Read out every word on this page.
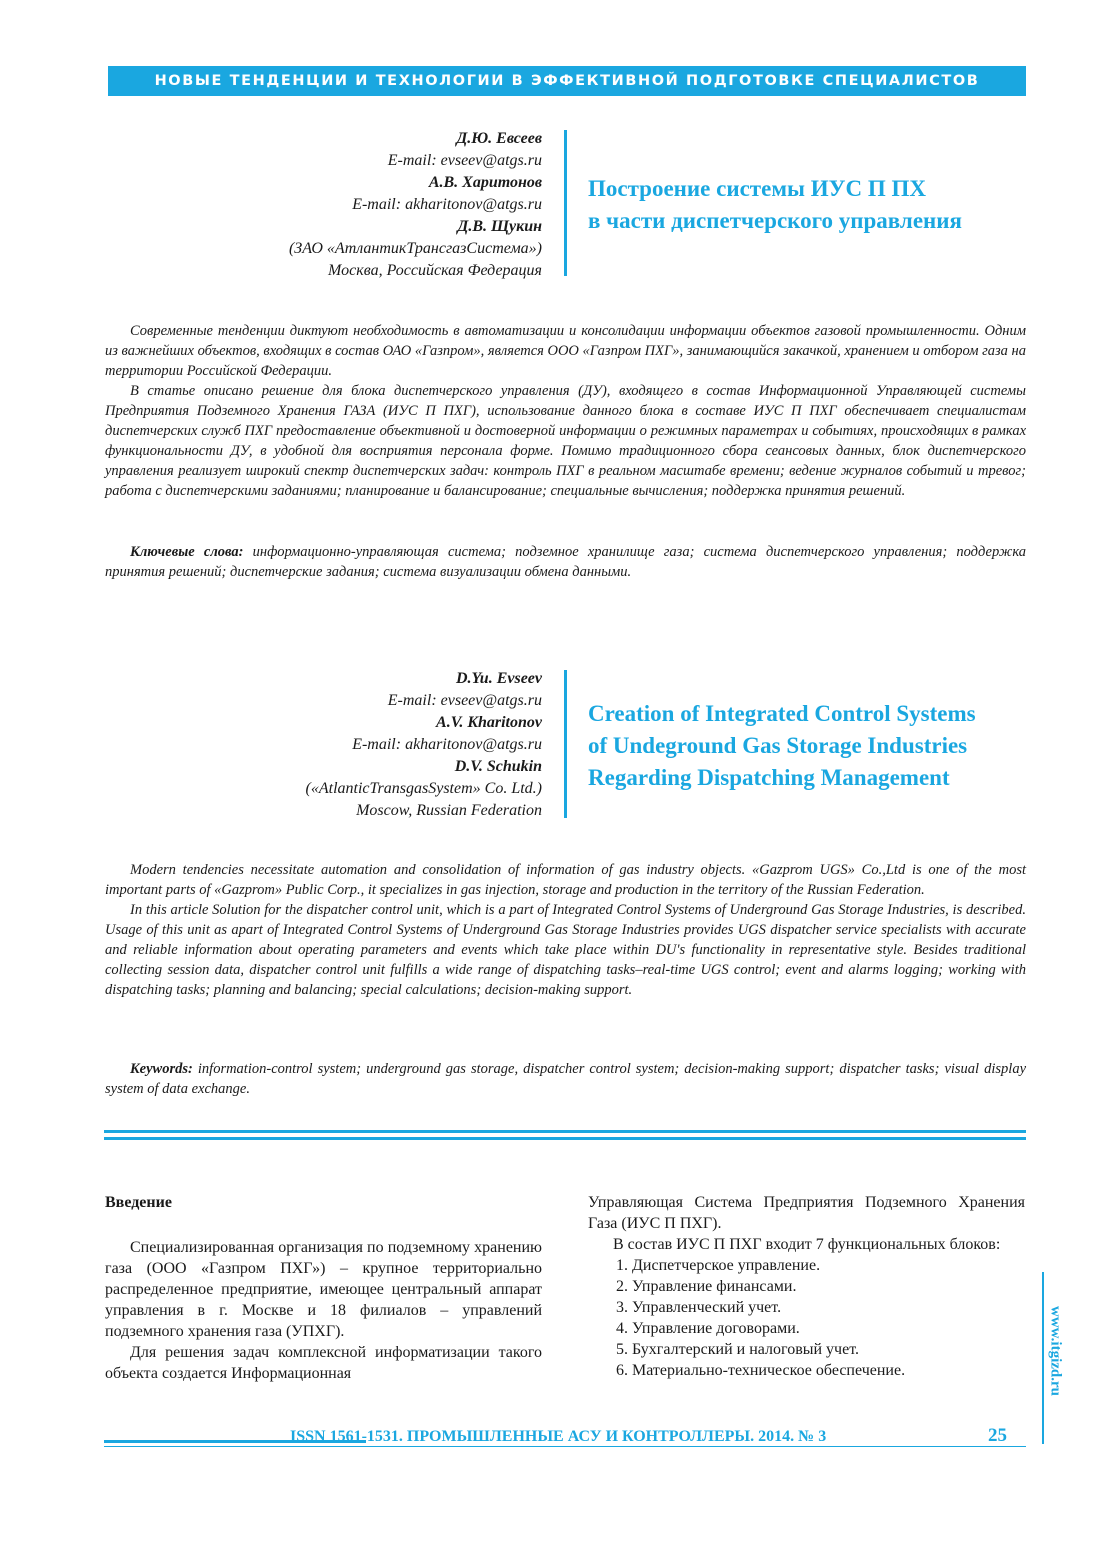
НОВЫЕ ТЕНДЕНЦИИ И ТЕХНОЛОГИИ В ЭФФЕКТИВНОЙ ПОДГОТОВКЕ СПЕЦИАЛИСТОВ
Д.Ю. Евсеев
E-mail: evseev@atgs.ru
А.В. Харитонов
E-mail: akharitonov@atgs.ru
Д.В. Щукин
(ЗАО «АтлантикТрансгазСистема»)
Москва, Российская Федерация
Построение системы ИУС П ПХ
в части диспетчерского управления

Современные тенденции диктуют необходимость в автоматизации и консолидации информации объектов газовой промышленности. Одним из важнейших объектов, входящих в состав ОАО «Газпром», является ООО «Газпром ПХГ», занимающийся закачкой, хранением и отбором газа на территории Российской Федерации.

В статье описано решение для блока диспетчерского управления (ДУ), входящего в состав Информационной Управляющей системы Предприятия Подземного Хранения ГАЗА (ИУС П ПХГ), использование данного блока в составе ИУС П ПХГ обеспечивает специалистам диспетчерских служб ПХГ предоставление объективной и достоверной информации о режимных параметрах и событиях, происходящих в рамках функциональности ДУ, в удобной для восприятия персонала форме. Помимо традиционного сбора сеансовых данных, блок диспетчерского управления реализует широкий спектр диспетчерских задач: контроль ПХГ в реальном масштабе времени; ведение журналов событий и тревог; работа с диспетчерскими заданиями; планирование и балансирование; специальные вычисления; поддержка принятия решений.

Ключевые слова: информационно-управляющая система; подземное хранилище газа; система диспетчерского управления; поддержка принятия решений; диспетчерские задания; система визуализации обмена данными.
D.Yu. Evseev
E-mail: evseev@atgs.ru
A.V. Kharitonov
E-mail: akharitonov@atgs.ru
D.V. Schukin
(«AtlanticTransgasSystem» Co. Ltd.)
Moscow, Russian Federation
Creation of Integrated Control Systems
of Undeground Gas Storage Industries
Regarding Dispatching Management

Modern tendencies necessitate automation and consolidation of information of gas industry objects. «Gazprom UGS» Co.,Ltd is one of the most important parts of «Gazprom» Public Corp., it specializes in gas injection, storage and production in the territory of the Russian Federation.

In this article Solution for the dispatcher control unit, which is a part of Integrated Control Systems of Underground Gas Storage Industries, is described. Usage of this unit as apart of Integrated Control Systems of Underground Gas Storage Industries provides UGS dispatcher service specialists with accurate and reliable information about operating parameters and events which take place within DU's functionality in representative style. Besides traditional collecting session data, dispatcher control unit fulfills a wide range of dispatching tasks–real-time UGS control; event and alarms logging; working with dispatching tasks; planning and balancing; special calculations; decision-making support.

Keywords: information-control system; underground gas storage, dispatcher control system; decision-making support; dispatcher tasks; visual display system of data exchange.
Введение

Специализированная организация по подземному хранению газа (ООО «Газпром ПХГ») – крупное территориально распределенное предприятие, имеющее центральный аппарат управления в г. Москве и 18 филиалов – управлений подземного хранения газа (УПХГ).

Для решения задач комплексной информатизации такого объекта создается Информационная

Управляющая Система Предприятия Подземного Хранения Газа (ИУС П ПХГ).

В состав ИУС П ПХГ входит 7 функциональных блоков:

1. Диспетчерское управление.
2. Управление финансами.
3. Управленческий учет.
4. Управление договорами.
5. Бухгалтерский и налоговый учет.
6. Материально-техническое обеспечение.	www.itgizd.ru
ISSN 1561-1531. ПРОМЫШЛЕННЫЕ АСУ И КОНТРОЛЛЕРЫ. 2014. № 3	25
